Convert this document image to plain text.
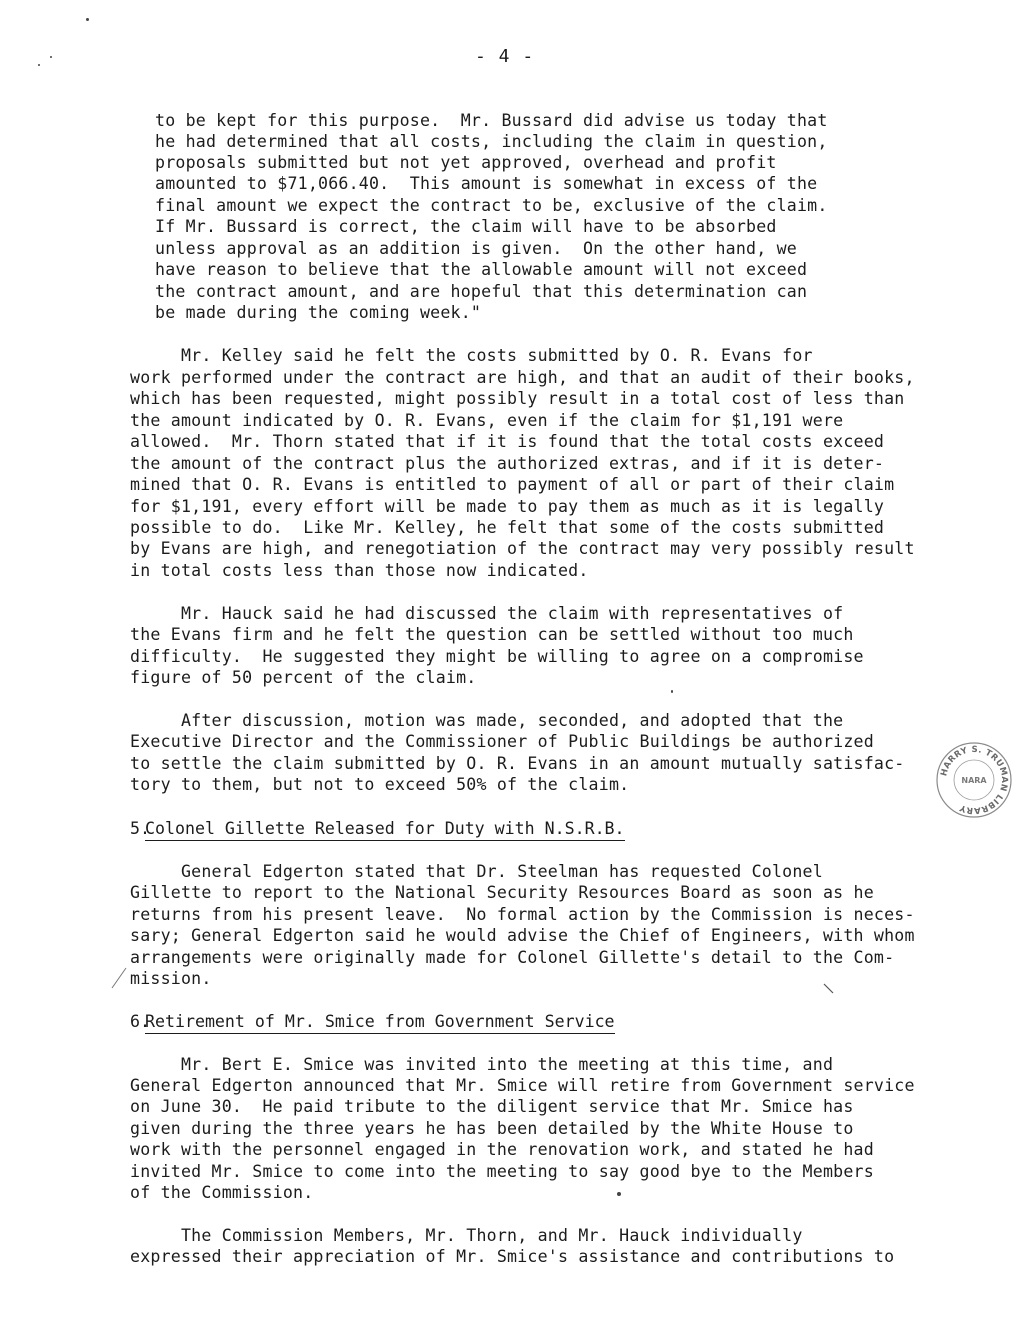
- 4 -
to be kept for this purpose.  Mr. Bussard did advise us today that
he had determined that all costs, including the claim in question,
proposals submitted but not yet approved, overhead and profit
amounted to $71,066.40.  This amount is somewhat in excess of the
final amount we expect the contract to be, exclusive of the claim.
If Mr. Bussard is correct, the claim will have to be absorbed
unless approval as an addition is given.  On the other hand, we
have reason to believe that the allowable amount will not exceed
the contract amount, and are hopeful that this determination can
be made during the coming week."
Mr. Kelley said he felt the costs submitted by O. R. Evans for
work performed under the contract are high, and that an audit of their books,
which has been requested, might possibly result in a total cost of less than
the amount indicated by O. R. Evans, even if the claim for $1,191 were
allowed.  Mr. Thorn stated that if it is found that the total costs exceed
the amount of the contract plus the authorized extras, and if it is deter-
mined that O. R. Evans is entitled to payment of all or part of their claim
for $1,191, every effort will be made to pay them as much as it is legally
possible to do.  Like Mr. Kelley, he felt that some of the costs submitted
by Evans are high, and renegotiation of the contract may very possibly result
in total costs less than those now indicated.
Mr. Hauck said he had discussed the claim with representatives of
the Evans firm and he felt the question can be settled without too much
difficulty.  He suggested they might be willing to agree on a compromise
figure of 50 percent of the claim.
After discussion, motion was made, seconded, and adopted that the
Executive Director and the Commissioner of Public Buildings be authorized
to settle the claim submitted by O. R. Evans in an amount mutually satisfac-
tory to them, but not to exceed 50% of the claim.
5.
Colonel Gillette Released for Duty with N.S.R.B.
General Edgerton stated that Dr. Steelman has requested Colonel
Gillette to report to the National Security Resources Board as soon as he
returns from his present leave.  No formal action by the Commission is neces-
sary; General Edgerton said he would advise the Chief of Engineers, with whom
arrangements were originally made for Colonel Gillette's detail to the Com-
mission.
6.
Retirement of Mr. Smice from Government Service
Mr. Bert E. Smice was invited into the meeting at this time, and
General Edgerton announced that Mr. Smice will retire from Government service
on June 30.  He paid tribute to the diligent service that Mr. Smice has
given during the three years he has been detailed by the White House to
work with the personnel engaged in the renovation work, and stated he had
invited Mr. Smice to come into the meeting to say good bye to the Members
of the Commission.
The Commission Members, Mr. Thorn, and Mr. Hauck individually
expressed their appreciation of Mr. Smice's assistance and contributions to
HARRY S. TRUMAN LIBRARY
NARA
